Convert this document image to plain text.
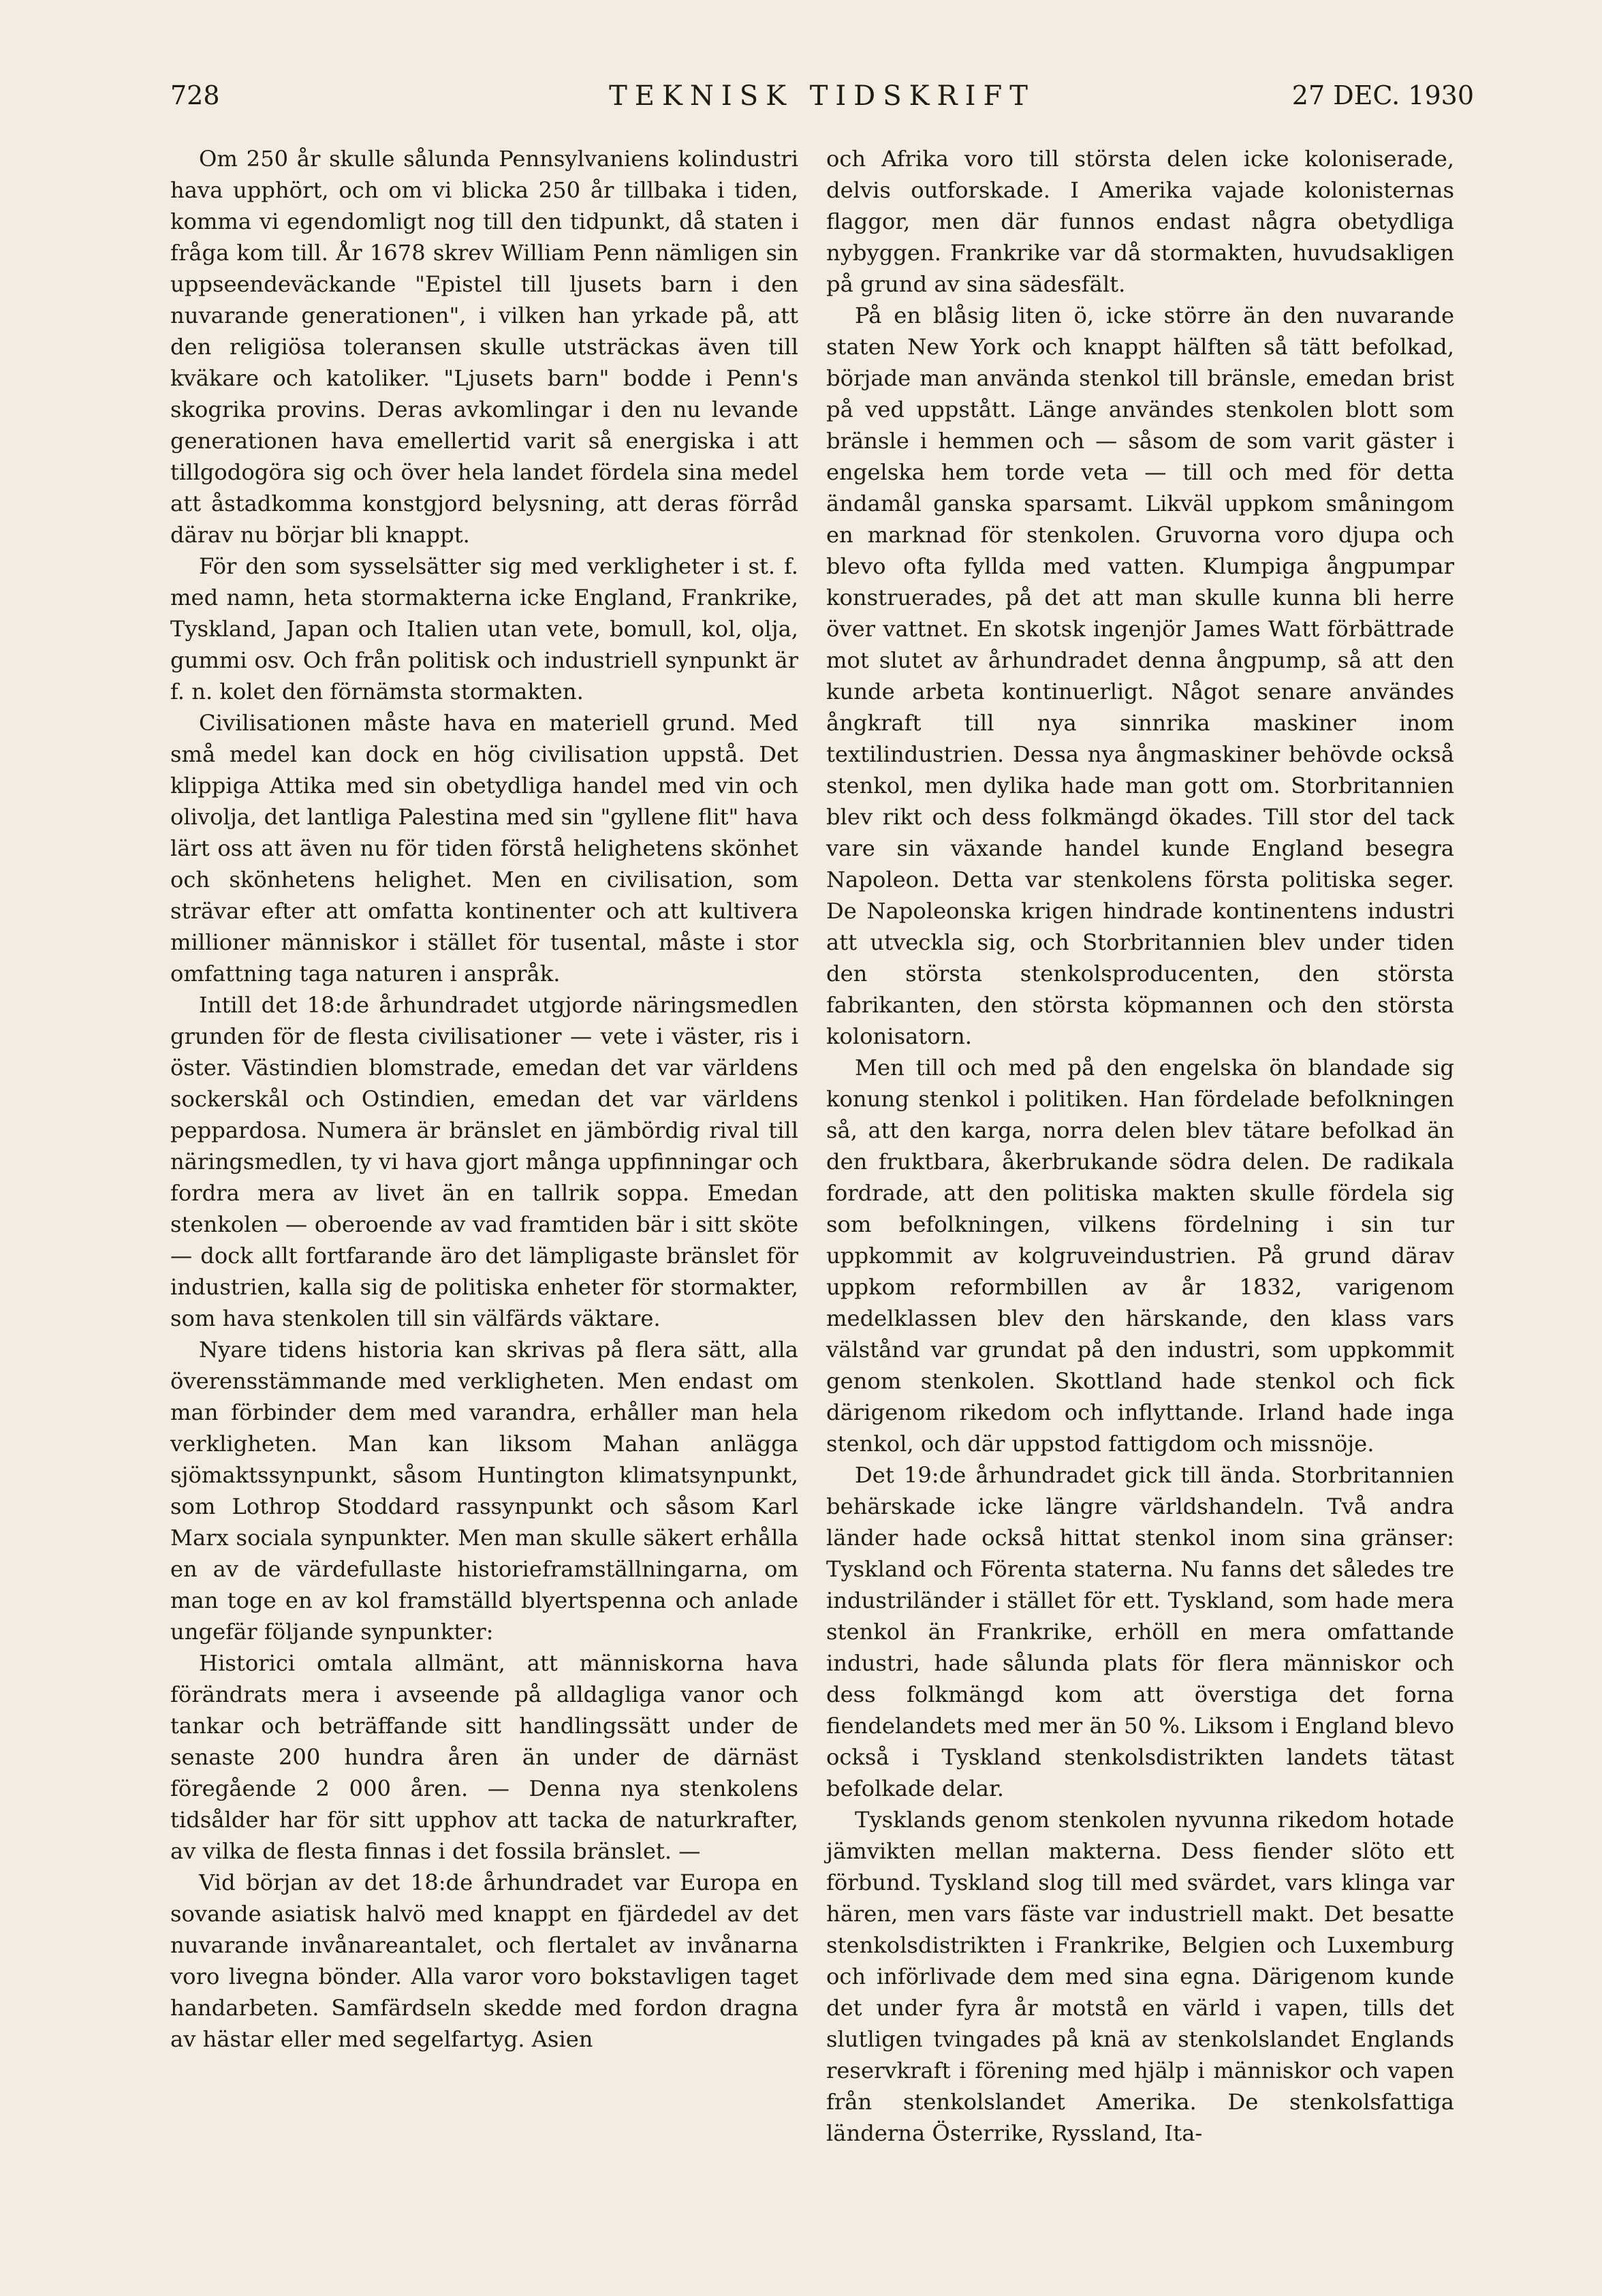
728	TEKNISK TIDSKRIFT	27 DEC. 1930

Om 250 år skulle sålunda Pennsylvaniens kolindustri hava upphört, och om vi blicka 250 år tillbaka i tiden, komma vi egendomligt nog till den tidpunkt, då staten i fråga kom till. År 1678 skrev William Penn nämligen sin uppseendeväckande "Epistel till ljusets barn i den nuvarande generationen", i vilken han yrkade på, att den religiösa toleransen skulle utsträckas även till kväkare och katoliker. "Ljusets barn" bodde i Penn's skogrika provins. Deras avkomlingar i den nu levande generationen hava emellertid varit så energiska i att tillgodogöra sig och över hela landet fördela sina medel att åstadkomma konstgjord belysning, att deras förråd därav nu börjar bli knappt.

För den som sysselsätter sig med verkligheter i st. f. med namn, heta stormakterna icke England, Frankrike, Tyskland, Japan och Italien utan vete, bomull, kol, olja, gummi osv. Och från politisk och industriell synpunkt är f. n. kolet den förnämsta stormakten.

Civilisationen måste hava en materiell grund. Med små medel kan dock en hög civilisation uppstå. Det klippiga Attika med sin obetydliga handel med vin och olivolja, det lantliga Palestina med sin "gyllene flit" hava lärt oss att även nu för tiden förstå helighetens skönhet och skönhetens helighet. Men en civilisation, som strävar efter att omfatta kontinenter och att kultivera millioner människor i stället för tusental, måste i stor omfattning taga naturen i anspråk.

Intill det 18:de århundradet utgjorde näringsmedlen grunden för de flesta civilisationer — vete i väster, ris i öster. Västindien blomstrade, emedan det var världens sockerskål och Ostindien, emedan det var världens peppardosa. Numera är bränslet en jämbördig rival till näringsmedlen, ty vi hava gjort många uppfinningar och fordra mera av livet än en tallrik soppa. Emedan stenkolen — oberoende av vad framtiden bär i sitt sköte — dock allt fortfarande äro det lämpligaste bränslet för industrien, kalla sig de politiska enheter för stormakter, som hava stenkolen till sin välfärds väktare.

Nyare tidens historia kan skrivas på flera sätt, alla överensstämmande med verkligheten. Men endast om man förbinder dem med varandra, erhåller man hela verkligheten. Man kan liksom Mahan anlägga sjömaktssynpunkt, såsom Huntington klimatsynpunkt, som Lothrop Stoddard rassynpunkt och såsom Karl Marx sociala synpunkter. Men man skulle säkert erhålla en av de värdefullaste historieframställningarna, om man toge en av kol framställd blyertspenna och anlade ungefär följande synpunkter:

Historici omtala allmänt, att människorna hava förändrats mera i avseende på alldagliga vanor och tankar och beträffande sitt handlingssätt under de senaste 200 hundra åren än under de därnäst föregående 2 000 åren. — Denna nya stenkolens tidsålder har för sitt upphov att tacka de naturkrafter, av vilka de flesta finnas i det fossila bränslet. —

Vid början av det 18:de århundradet var Europa en sovande asiatisk halvö med knappt en fjärdedel av det nuvarande invånareantalet, och flertalet av invånarna voro livegna bönder. Alla varor voro bokstavligen taget handarbeten. Samfärdseln skedde med fordon dragna av hästar eller med segelfartyg. Asien

och Afrika voro till största delen icke koloniserade, delvis outforskade. I Amerika vajade kolonisternas flaggor, men där funnos endast några obetydliga nybyggen. Frankrike var då stormakten, huvudsakligen på grund av sina sädesfält.

På en blåsig liten ö, icke större än den nuvarande staten New York och knappt hälften så tätt befolkad, började man använda stenkol till bränsle, emedan brist på ved uppstått. Länge användes stenkolen blott som bränsle i hemmen och — såsom de som varit gäster i engelska hem torde veta — till och med för detta ändamål ganska sparsamt. Likväl uppkom småningom en marknad för stenkolen. Gruvorna voro djupa och blevo ofta fyllda med vatten. Klumpiga ångpumpar konstruerades, på det att man skulle kunna bli herre över vattnet. En skotsk ingenjör James Watt förbättrade mot slutet av århundradet denna ångpump, så att den kunde arbeta kontinuerligt. Något senare användes ångkraft till nya sinnrika maskiner inom textilindustrien. Dessa nya ångmaskiner behövde också stenkol, men dylika hade man gott om. Storbritannien blev rikt och dess folkmängd ökades. Till stor del tack vare sin växande handel kunde England besegra Napoleon. Detta var stenkolens första politiska seger. De Napoleonska krigen hindrade kontinentens industri att utveckla sig, och Storbritannien blev under tiden den största stenkolsproducenten, den största fabrikanten, den största köpmannen och den största kolonisatorn.

Men till och med på den engelska ön blandade sig konung stenkol i politiken. Han fördelade befolkningen så, att den karga, norra delen blev tätare befolkad än den fruktbara, åkerbrukande södra delen. De radikala fordrade, att den politiska makten skulle fördela sig som befolkningen, vilkens fördelning i sin tur uppkommit av kolgruveindustrien. På grund därav uppkom reformbillen av år 1832, varigenom medelklassen blev den härskande, den klass vars välstånd var grundat på den industri, som uppkommit genom stenkolen. Skottland hade stenkol och fick därigenom rikedom och inflyttande. Irland hade inga stenkol, och där uppstod fattigdom och missnöje.

Det 19:de århundradet gick till ända. Storbritannien behärskade icke längre världshandeln. Två andra länder hade också hittat stenkol inom sina gränser: Tyskland och Förenta staterna. Nu fanns det således tre industriländer i stället för ett. Tyskland, som hade mera stenkol än Frankrike, erhöll en mera omfattande industri, hade sålunda plats för flera människor och dess folkmängd kom att överstiga det forna fiendelandets med mer än 50 %. Liksom i England blevo också i Tyskland stenkolsdistrikten landets tätast befolkade delar.

Tysklands genom stenkolen nyvunna rikedom hotade jämvikten mellan makterna. Dess fiender slöto ett förbund. Tyskland slog till med svärdet, vars klinga var hären, men vars fäste var industriell makt. Det besatte stenkolsdistrikten i Frankrike, Belgien och Luxemburg och införlivade dem med sina egna. Därigenom kunde det under fyra år motstå en värld i vapen, tills det slutligen tvingades på knä av stenkolslandet Englands reservkraft i förening med hjälp i människor och vapen från stenkolslandet Amerika. De stenkolsfattiga länderna Österrike, Ryssland, Ita-
